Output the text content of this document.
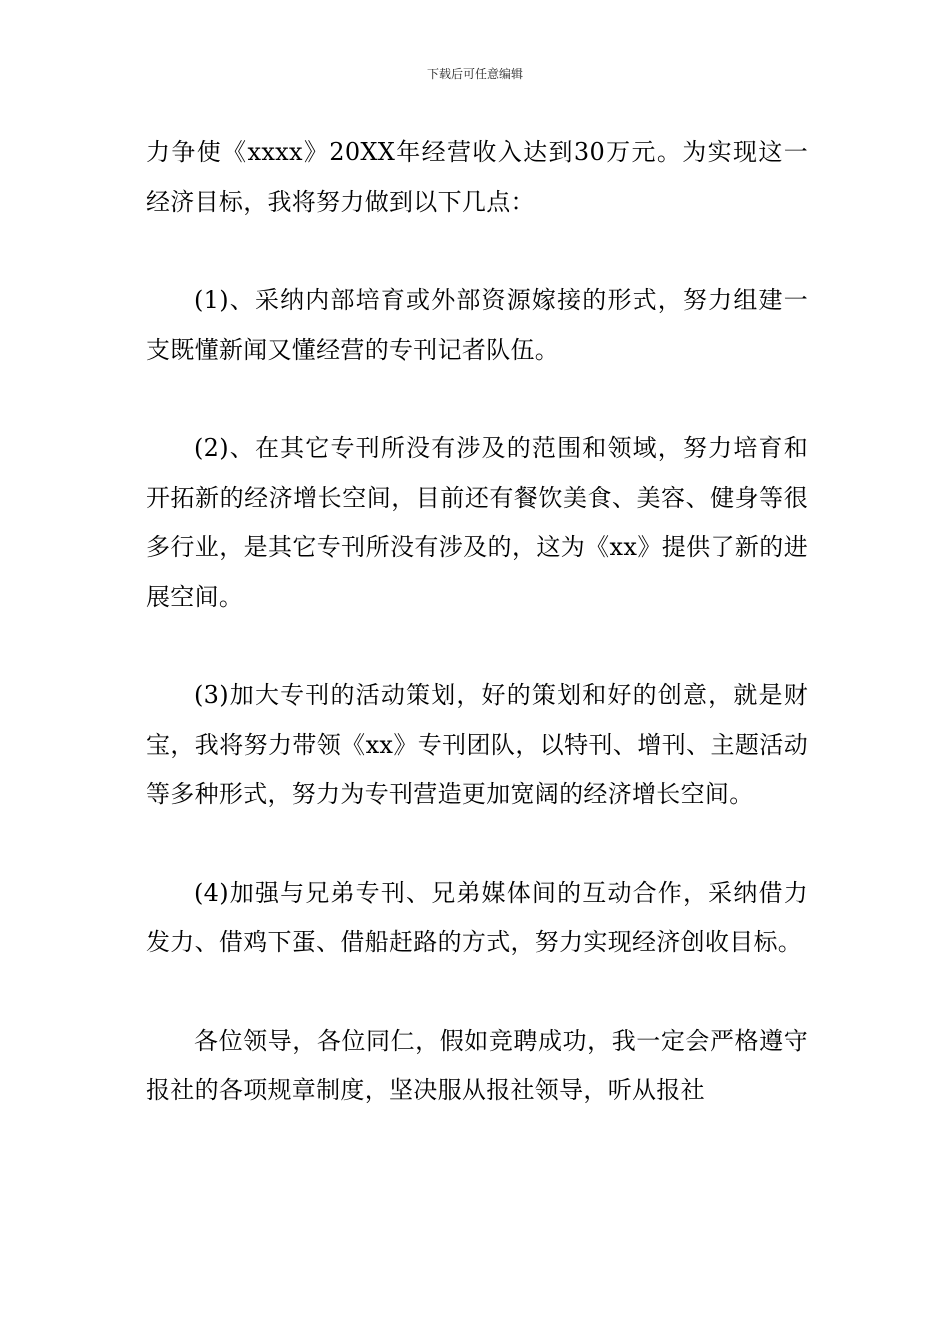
下载后可任意编辑

力争使《xxxx》20XX年经营收入达到30万元。为实现这一经济目标，我将努力做到以下几点：

(1)、采纳内部培育或外部资源嫁接的形式，努力组建一支既懂新闻又懂经营的专刊记者队伍。

(2)、在其它专刊所没有涉及的范围和领域，努力培育和开拓新的经济增长空间，目前还有餐饮美食、美容、健身等很多行业，是其它专刊所没有涉及的，这为《xx》提供了新的进展空间。

(3)加大专刊的活动策划，好的策划和好的创意，就是财宝，我将努力带领《xx》专刊团队，以特刊、增刊、主题活动等多种形式，努力为专刊营造更加宽阔的经济增长空间。

(4)加强与兄弟专刊、兄弟媒体间的互动合作，采纳借力发力、借鸡下蛋、借船赶路的方式，努力实现经济创收目标。

各位领导，各位同仁，假如竞聘成功，我一定会严格遵守报社的各项规章制度，坚决服从报社领导，听从报社
